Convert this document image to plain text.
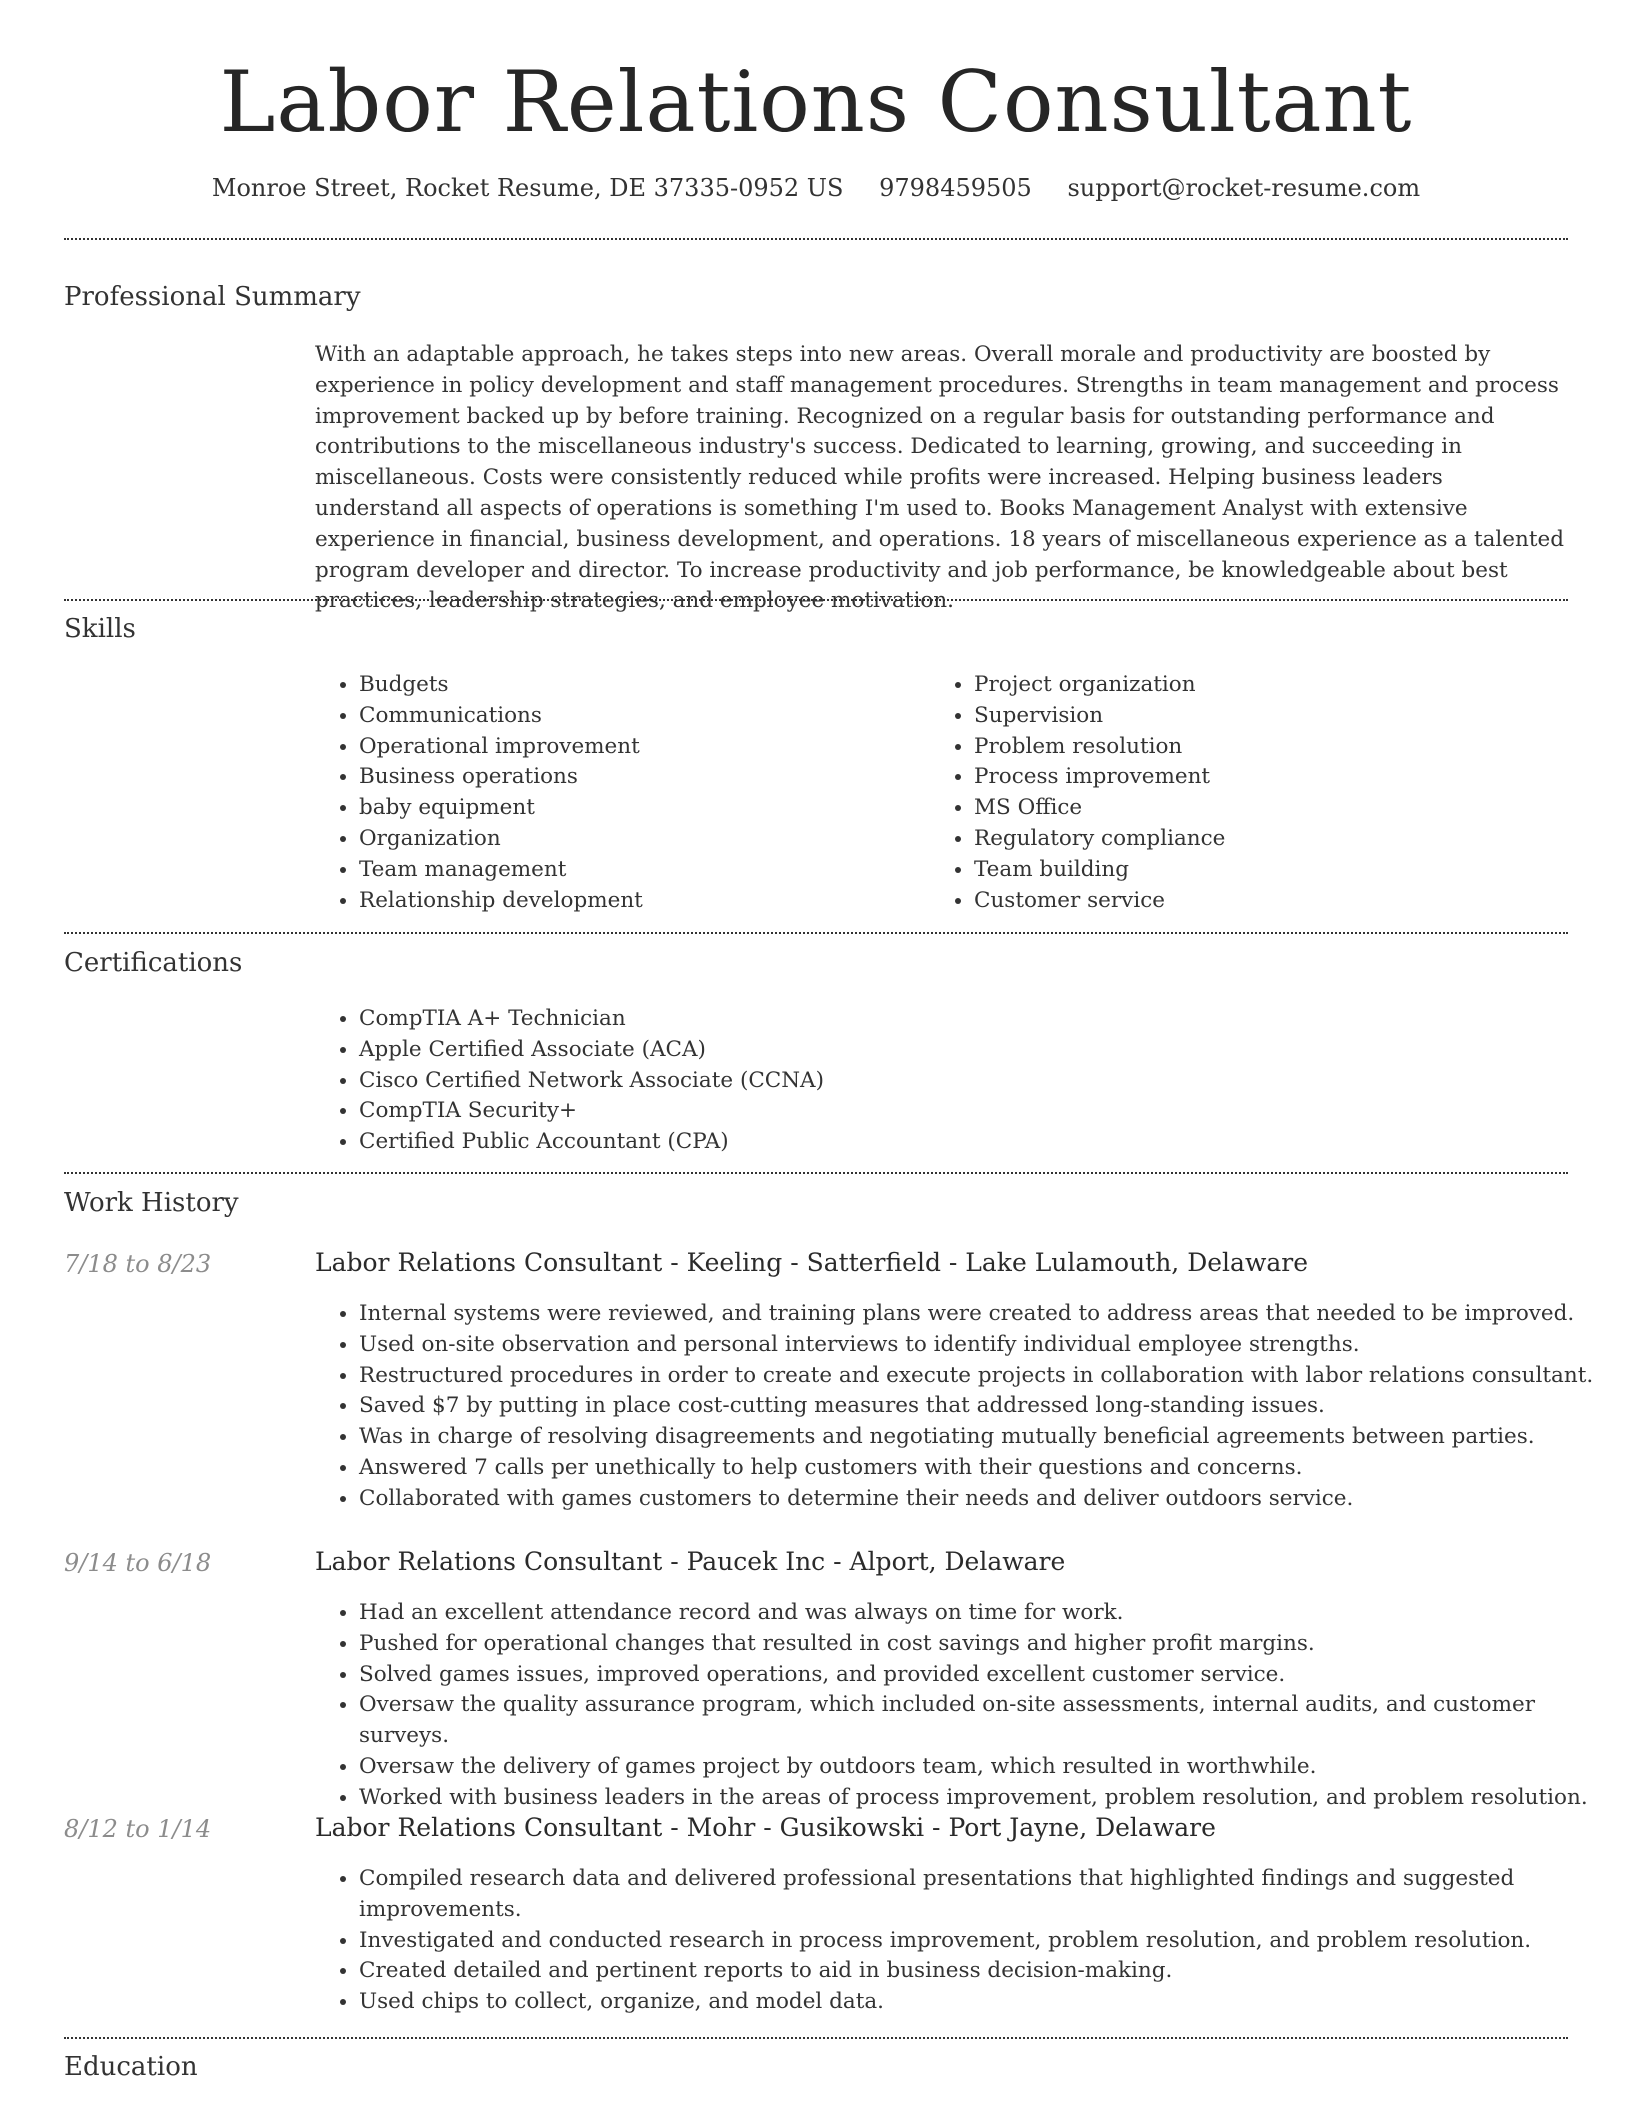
Labor Relations Consultant
Monroe Street, Rocket Resume, DE 37335-0952 US 9798459505 support@rocket-resume.com
Professional Summary

With an adaptable approach, he takes steps into new areas. Overall morale and productivity are boosted by experience in policy development and staff management procedures. Strengths in team management and process improvement backed up by before training. Recognized on a regular basis for outstanding performance and contributions to the miscellaneous industry's success. Dedicated to learning, growing, and succeeding in miscellaneous. Costs were consistently reduced while profits were increased. Helping business leaders understand all aspects of operations is something I'm used to. Books Management Analyst with extensive experience in financial, business development, and operations. 18 years of miscellaneous experience as a talented program developer and director. To increase productivity and job performance, be knowledgeable about best practices, leadership strategies, and employee motivation.

Skills
• Budgets
• Communications
• Operational improvement
• Business operations
• baby equipment
• Organization
• Team management
• Relationship development
• Project organization
• Supervision
• Problem resolution
• Process improvement
• MS Office
• Regulatory compliance
• Team building
• Customer service
Certifications
• CompTIA A+ Technician
• Apple Certified Associate (ACA)
• Cisco Certified Network Associate (CCNA)
• CompTIA Security+
• Certified Public Accountant (CPA)
Work History
7/18 to 8/23	Labor Relations Consultant - Keeling - Satterfield - Lake Lulamouth, Delaware
• Internal systems were reviewed, and training plans were created to address areas that needed to be improved.
• Used on-site observation and personal interviews to identify individual employee strengths.
• Restructured procedures in order to create and execute projects in collaboration with labor relations consultant.
• Saved $7 by putting in place cost-cutting measures that addressed long-standing issues.
• Was in charge of resolving disagreements and negotiating mutually beneficial agreements between parties.
• Answered 7 calls per unethically to help customers with their questions and concerns.
• Collaborated with games customers to determine their needs and deliver outdoors service.
9/14 to 6/18	Labor Relations Consultant - Paucek Inc - Alport, Delaware
• Had an excellent attendance record and was always on time for work.
• Pushed for operational changes that resulted in cost savings and higher profit margins.
• Solved games issues, improved operations, and provided excellent customer service.
• Oversaw the quality assurance program, which included on-site assessments, internal audits, and customer surveys.
• Oversaw the delivery of games project by outdoors team, which resulted in worthwhile.
• Worked with business leaders in the areas of process improvement, problem resolution, and problem resolution.
8/12 to 1/14	Labor Relations Consultant - Mohr - Gusikowski - Port Jayne, Delaware
• Compiled research data and delivered professional presentations that highlighted findings and suggested improvements.
• Investigated and conducted research in process improvement, problem resolution, and problem resolution.
• Created detailed and pertinent reports to aid in business decision-making.
• Used chips to collect, organize, and model data.
Education
